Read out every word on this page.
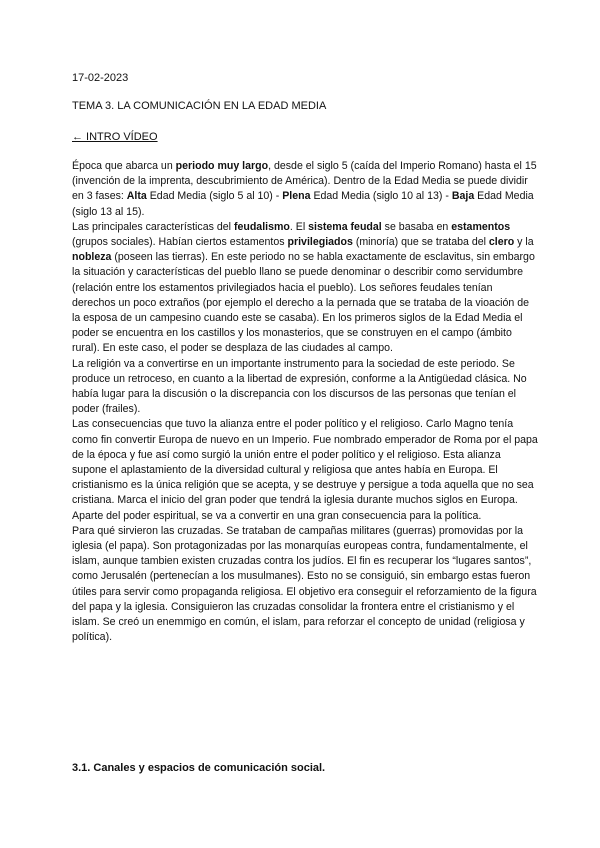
17-02-2023
TEMA 3. LA COMUNICACIÓN EN LA EDAD MEDIA
← INTRO VÍDEO

Época que abarca un periodo muy largo, desde el siglo 5 (caída del Imperio Romano) hasta el 15 (invención de la imprenta, descubrimiento de América). Dentro de la Edad Media se puede dividir en 3 fases: Alta Edad Media (siglo 5 al 10) - Plena Edad Media (siglo 10 al 13) - Baja Edad Media (siglo 13 al 15).

Las principales características del feudalismo. El sistema feudal se basaba en estamentos (grupos sociales). Habían ciertos estamentos privilegiados (minoría) que se trataba del clero y la nobleza (poseen las tierras). En este periodo no se habla exactamente de esclavitus, sin embargo la situación y características del pueblo llano se puede denominar o describir como servidumbre (relación entre los estamentos privilegiados hacia el pueblo). Los señores feudales tenían derechos un poco extraños (por ejemplo el derecho a la pernada que se trataba de la vioación de la esposa de un campesino cuando este se casaba). En los primeros siglos de la Edad Media el poder se encuentra en los castillos y los monasterios, que se construyen en el campo (ámbito rural). En este caso, el poder se desplaza de las ciudades al campo.

La religión va a convertirse en un importante instrumento para la sociedad de este periodo. Se produce un retroceso, en cuanto a la libertad de expresión, conforme a la Antigüedad clásica. No había lugar para la discusión o la discrepancia con los discursos de las personas que tenían el poder (frailes).

Las consecuencias que tuvo la alianza entre el poder político y el religioso. Carlo Magno tenía como fin convertir Europa de nuevo en un Imperio. Fue nombrado emperador de Roma por el papa de la época y fue así como surgió la unión entre el poder político y el religioso. Esta alianza supone el aplastamiento de la diversidad cultural y religiosa que antes había en Europa. El cristianismo es la única religión que se acepta, y se destruye y persigue a toda aquella que no sea cristiana. Marca el inicio del gran poder que tendrá la iglesia durante muchos siglos en Europa. Aparte del poder espiritual, se va a convertir en una gran consecuencia para la política.

Para qué sirvieron las cruzadas. Se trataban de campañas militares (guerras) promovidas por la iglesia (el papa). Son protagonizadas por las monarquías europeas contra, fundamentalmente, el islam, aunque tambien existen cruzadas contra los judíos. El fin es recuperar los “lugares santos”, como Jerusalén (pertenecían a los musulmanes). Esto no se consiguió, sin embargo estas fueron útiles para servir como propaganda religiosa. El objetivo era conseguir el reforzamiento de la figura del papa y la iglesia. Consiguieron las cruzadas consolidar la frontera entre el cristianismo y el islam. Se creó un enemmigo en común, el islam, para reforzar el concepto de unidad (religiosa y política).

3.1. Canales y espacios de comunicación social.
